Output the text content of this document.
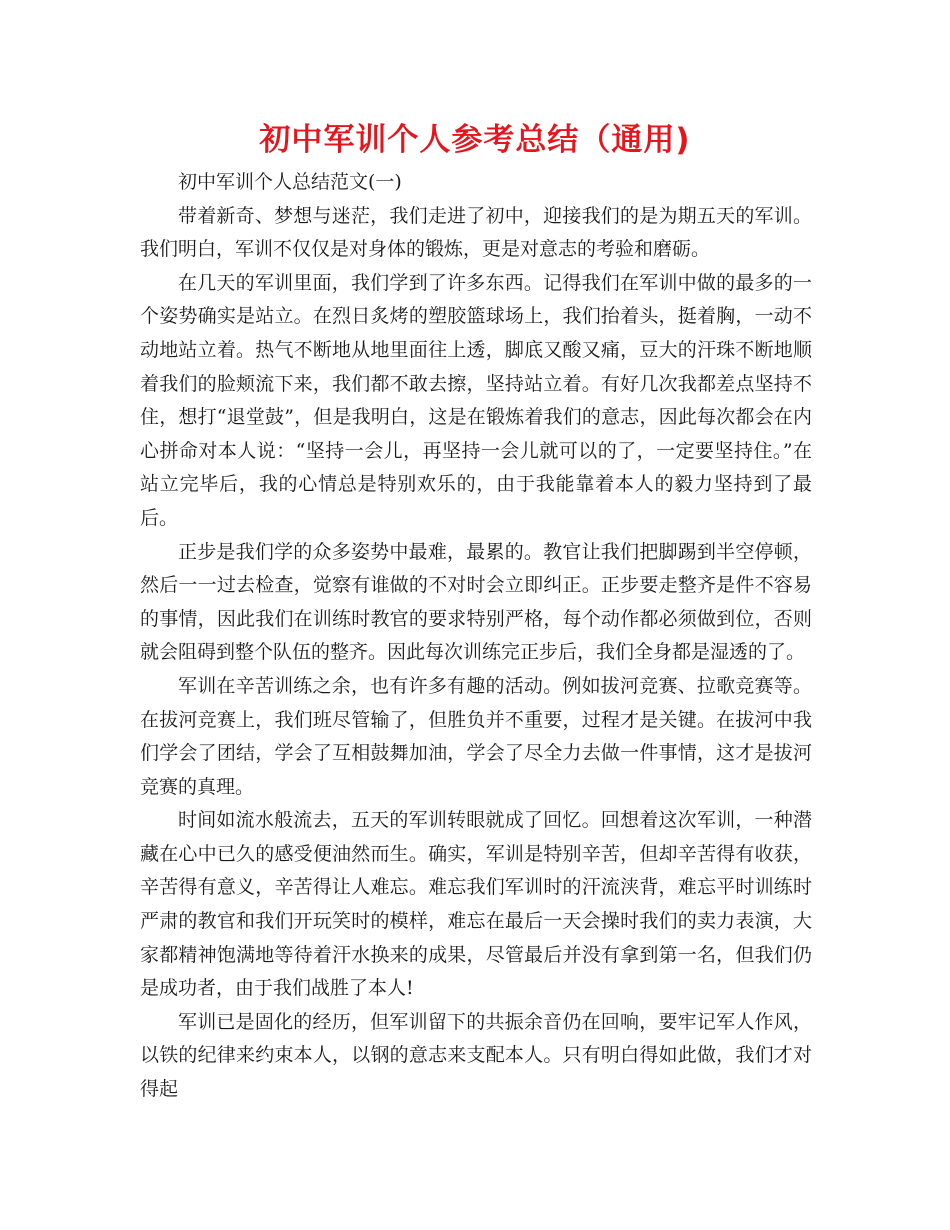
初中军训个人参考总结（通用)

初中军训个人总结范文(一)

带着新奇、梦想与迷茫，我们走进了初中，迎接我们的是为期五天的军训。我们明白，军训不仅仅是对身体的锻炼，更是对意志的考验和磨砺。

在几天的军训里面，我们学到了许多东西。记得我们在军训中做的最多的一个姿势确实是站立。在烈日炙烤的塑胶篮球场上，我们抬着头，挺着胸，一动不动地站立着。热气不断地从地里面往上透，脚底又酸又痛，豆大的汗珠不断地顺着我们的脸颊流下来，我们都不敢去擦，坚持站立着。有好几次我都差点坚持不住，想打“退堂鼓”，但是我明白，这是在锻炼着我们的意志，因此每次都会在内心拼命对本人说：“坚持一会儿，再坚持一会儿就可以的了，一定要坚持住。”在站立完毕后，我的心情总是特别欢乐的，由于我能靠着本人的毅力坚持到了最后。

正步是我们学的众多姿势中最难，最累的。教官让我们把脚踢到半空停顿，然后一一过去检查，觉察有谁做的不对时会立即纠正。正步要走整齐是件不容易的事情，因此我们在训练时教官的要求特别严格，每个动作都必须做到位，否则就会阻碍到整个队伍的整齐。因此每次训练完正步后，我们全身都是湿透的了。

军训在辛苦训练之余，也有许多有趣的活动。例如拔河竞赛、拉歌竞赛等。在拔河竞赛上，我们班尽管输了，但胜负并不重要，过程才是关键。在拔河中我们学会了团结，学会了互相鼓舞加油，学会了尽全力去做一件事情，这才是拔河竞赛的真理。

时间如流水般流去，五天的军训转眼就成了回忆。回想着这次军训，一种潜藏在心中已久的感受便油然而生。确实，军训是特别辛苦，但却辛苦得有收获，辛苦得有意义，辛苦得让人难忘。难忘我们军训时的汗流浃背，难忘平时训练时严肃的教官和我们开玩笑时的模样，难忘在最后一天会操时我们的卖力表演，大家都精神饱满地等待着汗水换来的成果，尽管最后并没有拿到第一名，但我们仍是成功者，由于我们战胜了本人!

军训已是固化的经历，但军训留下的共振余音仍在回响，要牢记军人作风，以铁的纪律来约束本人，以钢的意志来支配本人。只有明白得如此做，我们才对得起
